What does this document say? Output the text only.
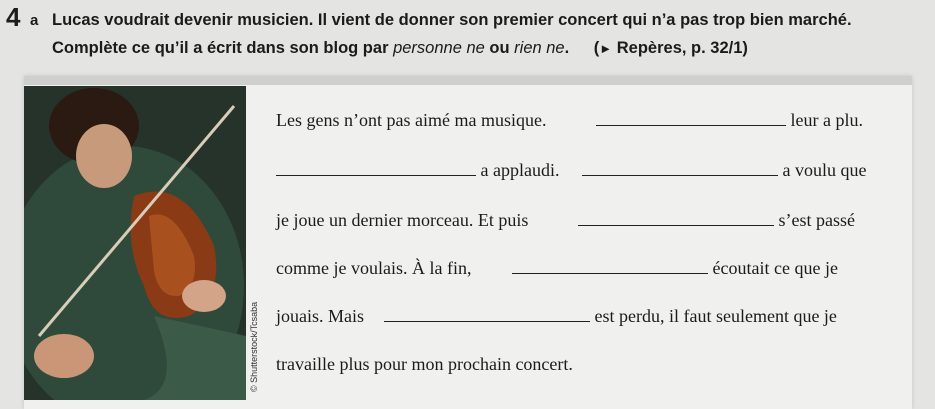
4 a Lucas voudrait devenir musicien. Il vient de donner son premier concert qui n’a pas trop bien marché.
Complète ce qu’il a écrit dans son blog par personne ne ou rien ne. (► Repères, p. 32/1)
Les gens n’ont pas aimé ma musique.	leur a plu.
a applaudi.	a voulu que
je joue un dernier morceau. Et puis	s’est passé
comme je voulais. À la fin,	écoutait ce que je
jouais. Mais	est perdu, il faut seulement que je
travaille plus pour mon prochain concert.
